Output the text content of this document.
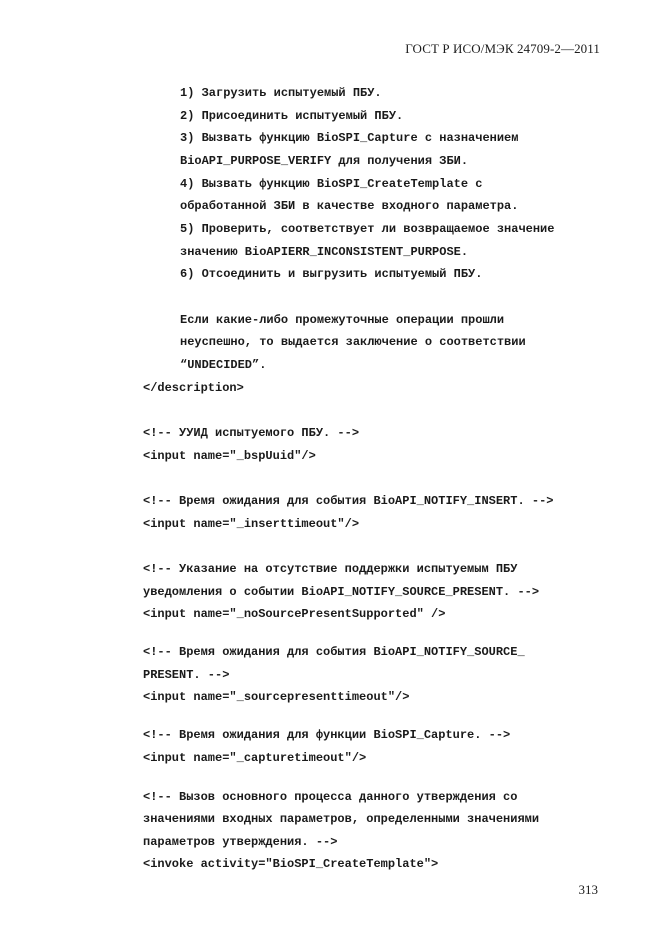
ГОСТ Р ИСО/МЭК 24709-2—2011
1) Загрузить испытуемый ПБУ.
2) Присоединить испытуемый ПБУ.
3) Вызвать функцию BioSPI_Capture с назначением
BioAPI_PURPOSE_VERIFY для получения ЗБИ.
4) Вызвать функцию BioSPI_CreateTemplate с
обработанной ЗБИ в качестве входного параметра.
5) Проверить, соответствует ли возвращаемое значение
значению BioAPIERR_INCONSISTENT_PURPOSE.
6) Отсоединить и выгрузить испытуемый ПБУ.
Если какие-либо промежуточные операции прошли
неуспешно, то выдается заключение о соответствии
“UNDECIDED”.
</description>
<!-- УУИД испытуемого ПБУ. -->
<input name="_bspUuid"/>
<!-- Время ожидания для события BioAPI_NOTIFY_INSERT. -->
<input name="_inserttimeout"/>
<!-- Указание на отсутствие поддержки испытуемым ПБУ
уведомления о событии BioAPI_NOTIFY_SOURCE_PRESENT. -->
<input name="_noSourcePresentSupported" />
<!-- Время ожидания для события BioAPI_NOTIFY_SOURCE_
PRESENT. -->
<input name="_sourcepresenttimeout"/>
<!-- Время ожидания для функции BioSPI_Capture. -->
<input name="_capturetimeout"/>
<!-- Вызов основного процесса данного утверждения со
значениями входных параметров, определенными значениями
параметров утверждения. -->
<invoke activity="BioSPI_CreateTemplate">
313
